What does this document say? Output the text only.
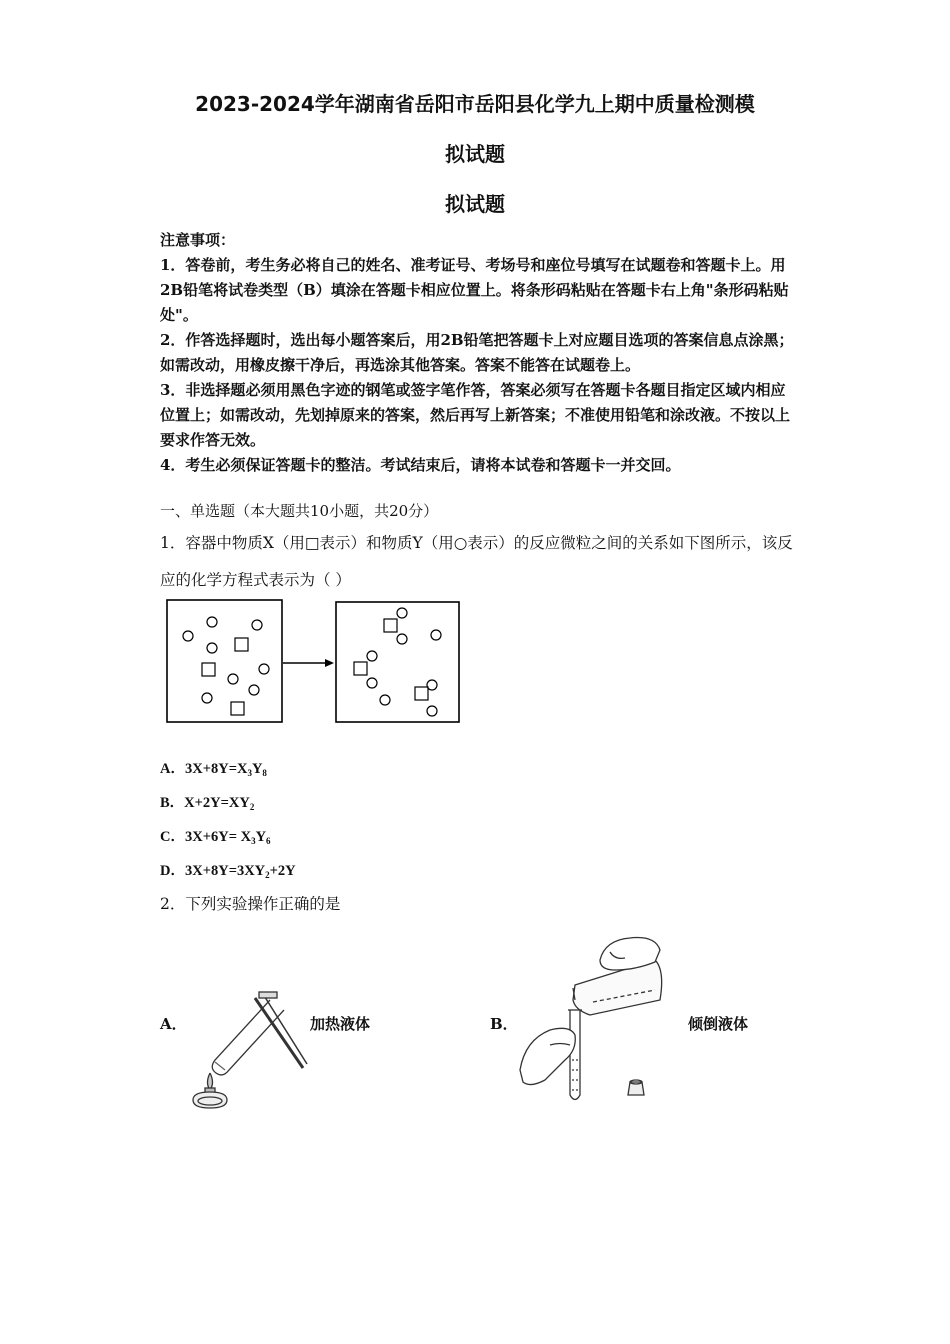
2023-2024学年湖南省岳阳市岳阳县化学九上期中质量检测模
拟试题
拟试题

注意事项：

1．答卷前，考生务必将自己的姓名、准考证号、考场号和座位号填写在试题卷和答题卡上。用2B铅笔将试卷类型（B）填涂在答题卡相应位置上。将条形码粘贴在答题卡右上角"条形码粘贴处"。

2．作答选择题时，选出每小题答案后，用2B铅笔把答题卡上对应题目选项的答案信息点涂黑；如需改动，用橡皮擦干净后，再选涂其他答案。答案不能答在试题卷上。

3．非选择题必须用黑色字迹的钢笔或签字笔作答，答案必须写在答题卡各题目指定区域内相应位置上；如需改动，先划掉原来的答案，然后再写上新答案；不准使用铅笔和涂改液。不按以上要求作答无效。

4．考生必须保证答题卡的整洁。考试结束后，请将本试卷和答题卡一并交回。

一、单选题（本大题共10小题，共20分）
1．容器中物质X（用□表示）和物质Y（用○表示）的反应微粒之间的关系如下图所示，该反应的化学方程式表示为（ ）
A．$3X+8Y=X_3Y_8$
B．$X+2Y=XY_2$
C．$3X+6Y= X_3Y_6$
D．$3X+8Y=3XY_2+2Y$
2．下列实验操作正确的是
A．	加热液体	B．	倾倒液体
